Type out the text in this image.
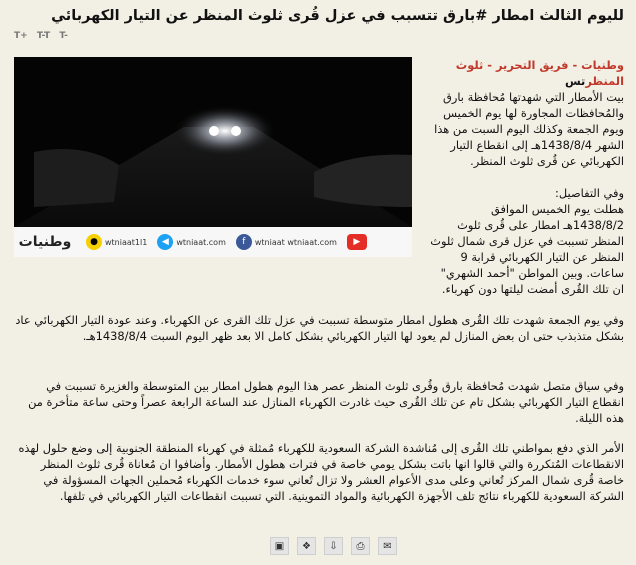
لليوم الثالث امطار #بارق تتسبب في عزل قُرى ثلوث المنظر عن التيار الكهربائي
T+ T-T T-
وطنيات	● wtniaat1l1	◀ wtniaat.com	f	wtniaat wtniaat.com	▶

وطنيات - فريق التحرير - ثلوث المنظرتس

بيت الأمطار التي شهدتها مُحافظة بارق والمُحافظات المجاورة لها يوم الخميس ويوم الجمعة وكذلك اليوم السبت من هذا الشهر 1438/8/4هـ إلى انقطاع التيار الكهربائي عن قُرى ثلوث المنظر.

وفي التفاصيل:

هطلت يوم الخميس الموافق 1438/8/2هـ امطار على قُرى ثلوث المنظر تسببت في عزل قرى شمال ثلوث المنظر عن التيار الكهربائي قرابة 9 ساعات. وبين المواطن "أحمد الشهري" ان تلك القُرى أمضت ليلتها دون كهرباء.

وفي يوم الجمعة شهدت تلك القُرى هطول امطار متوسطة تسببت في عزل تلك القرى عن الكهرباء. وعند عودة التيار الكهربائي عاد بشكل متذبذب حتى ان بعض المنازل لم يعود لها التيار الكهربائي بشكل كامل الا بعد ظهر اليوم السبت 1438/8/4هـ.

وفي سياق متصل شهدت مُحافظة بارق وقُرى ثلوث المنظر عصر هذا اليوم هطول امطار بين المتوسطة والغزيرة تسببت في انقطاع التيار الكهربائي بشكل تام عن تلك القُرى حيث غادرت الكهرباء المنازل عند الساعة الرابعة عصراً وحتى ساعة متأخرة من هذه الليلة.

الأمر الذي دفع بمواطني تلك القُرى إلى مُناشدة الشركة السعودية للكهرباء مُمثلة في كهرباء المنطقة الجنوبية إلى وضع حلول لهذه الانقطاعات المُتكررة والتي قالوا انها باتت بشكل يومي خاصة في فترات هطول الأمطار. وأضافوا ان مُعاناة قُرى ثلوث المنظر خاصة قُرى شمال المركز تُعاني وعلى مدى الأعوام العشر ولا تزال تُعاني سوء خدمات الكهرباء مُحملين الجهات المسؤولة في الشركة السعودية للكهرباء نتائج تلف الأجهزة الكهربائية والمواد التموينية. التي تسببت انقطاعات التيار الكهربائي في تلفها.

▣	❖	⇩	⎙	✉
